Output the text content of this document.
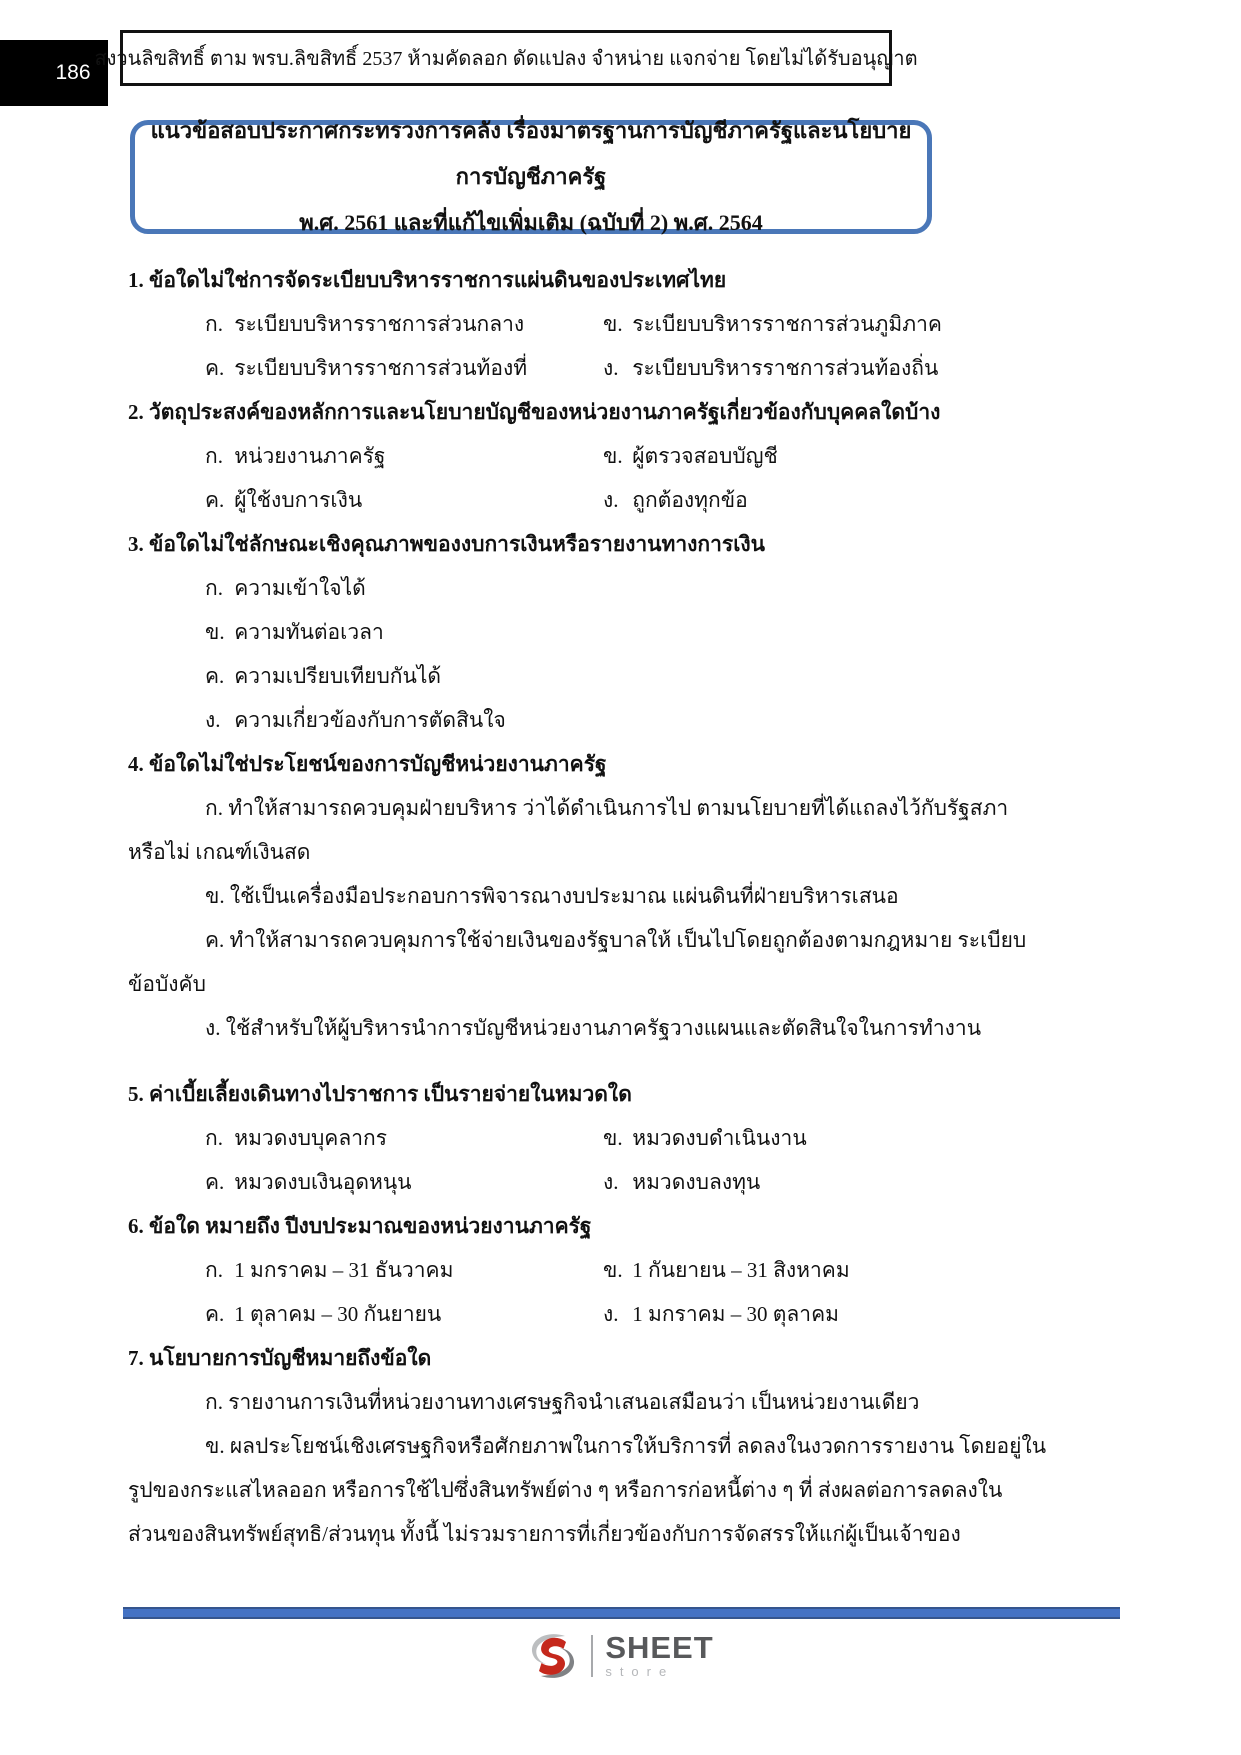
186
สงวนลิขสิทธิ์ ตาม พรบ.ลิขสิทธิ์ 2537 ห้ามคัดลอก ดัดแปลง จำหน่าย แจกจ่าย โดยไม่ได้รับอนุญาต
แนวข้อสอบประกาศกระทรวงการคลัง เรื่องมาตรฐานการบัญชีภาครัฐและนโยบายการบัญชีภาครัฐ
พ.ศ. 2561 และที่แก้ไขเพิ่มเติม (ฉบับที่ 2) พ.ศ. 2564

1. ข้อใดไม่ใช่การจัดระเบียบบริหารราชการแผ่นดินของประเทศไทย

ก. ระเบียบบริหารราชการส่วนกลาง	ข. ระเบียบบริหารราชการส่วนภูมิภาค

ค. ระเบียบบริหารราชการส่วนท้องที่	ง. ระเบียบบริหารราชการส่วนท้องถิ่น

2. วัตถุประสงค์ของหลักการและนโยบายบัญชีของหน่วยงานภาครัฐเกี่ยวข้องกับบุคคลใดบ้าง

ก. หน่วยงานภาครัฐ	ข. ผู้ตรวจสอบบัญชี

ค. ผู้ใช้งบการเงิน	ง. ถูกต้องทุกข้อ

3. ข้อใดไม่ใช่ลักษณะเชิงคุณภาพของงบการเงินหรือรายงานทางการเงิน

ก. ความเข้าใจได้

ข. ความทันต่อเวลา

ค. ความเปรียบเทียบกันได้

ง. ความเกี่ยวข้องกับการตัดสินใจ

4. ข้อใดไม่ใช่ประโยชน์ของการบัญชีหน่วยงานภาครัฐ

ก. ทำให้สามารถควบคุมฝ่ายบริหาร ว่าได้ดำเนินการไป ตามนโยบายที่ได้แถลงไว้กับรัฐสภา

หรือไม่ เกณฑ์เงินสด

ข. ใช้เป็นเครื่องมือประกอบการพิจารณางบประมาณ แผ่นดินที่ฝ่ายบริหารเสนอ

ค. ทำให้สามารถควบคุมการใช้จ่ายเงินของรัฐบาลให้ เป็นไปโดยถูกต้องตามกฎหมาย ระเบียบ

ข้อบังคับ

ง. ใช้สำหรับให้ผู้บริหารนำการบัญชีหน่วยงานภาครัฐวางแผนและตัดสินใจในการทำงาน

5. ค่าเบี้ยเลี้ยงเดินทางไปราชการ เป็นรายจ่ายในหมวดใด

ก. หมวดงบบุคลากร	ข. หมวดงบดำเนินงาน

ค. หมวดงบเงินอุดหนุน	ง. หมวดงบลงทุน

6. ข้อใด หมายถึง ปีงบประมาณของหน่วยงานภาครัฐ

ก. 1 มกราคม – 31 ธันวาคม	ข. 1 กันยายน – 31 สิงหาคม

ค. 1 ตุลาคม – 30 กันยายน	ง. 1 มกราคม – 30 ตุลาคม

7. นโยบายการบัญชีหมายถึงข้อใด

ก. รายงานการเงินที่หน่วยงานทางเศรษฐกิจนำเสนอเสมือนว่า เป็นหน่วยงานเดียว

ข. ผลประโยชน์เชิงเศรษฐกิจหรือศักยภาพในการให้บริการที่ ลดลงในงวดการรายงาน โดยอยู่ใน

รูปของกระแสไหลออก หรือการใช้ไปซึ่งสินทรัพย์ต่าง ๆ หรือการก่อหนี้ต่าง ๆ ที่ ส่งผลต่อการลดลงใน

ส่วนของสินทรัพย์สุทธิ/ส่วนทุน ทั้งนี้ ไม่รวมรายการที่เกี่ยวข้องกับการจัดสรรให้แก่ผู้เป็นเจ้าของ

SHEET
store
